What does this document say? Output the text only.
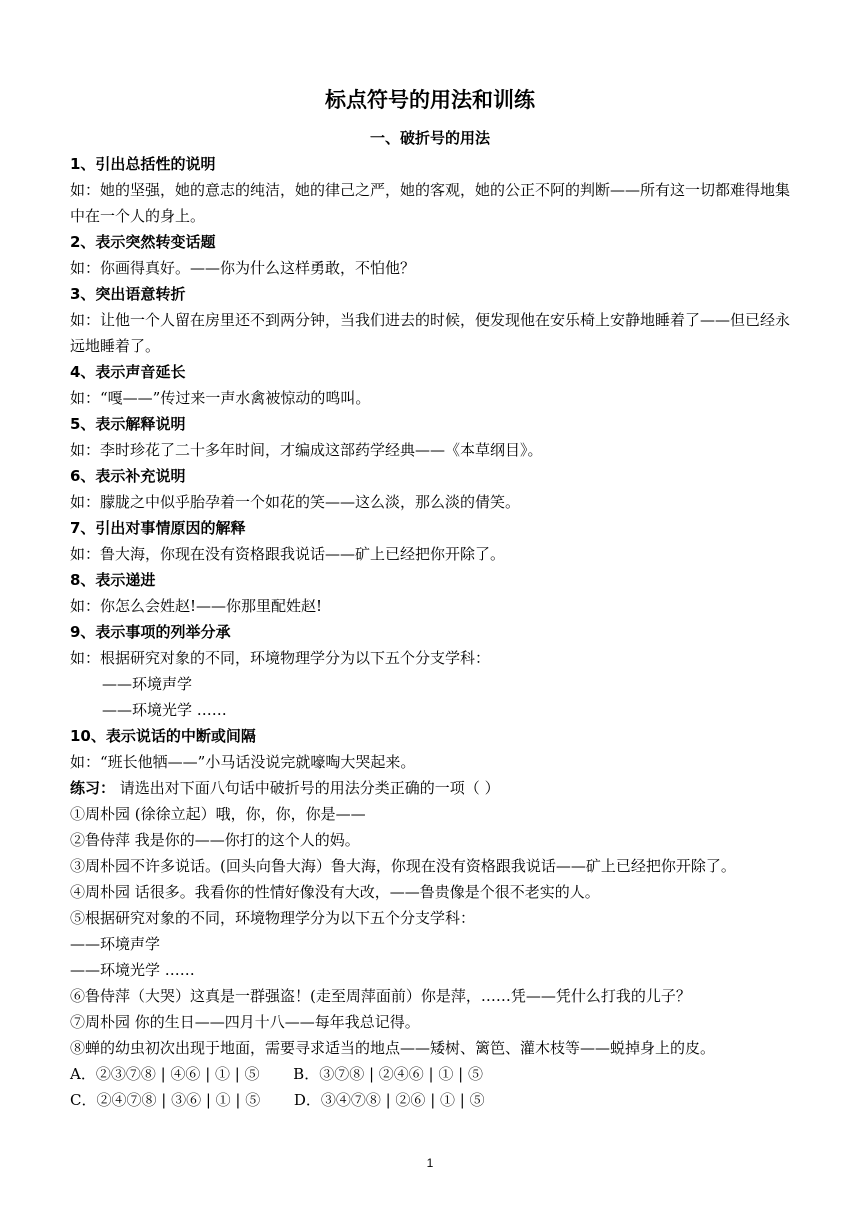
标点符号的用法和训练
一、破折号的用法
1、引出总括性的说明
如：她的坚强，她的意志的纯洁，她的律己之严，她的客观，她的公正不阿的判断——所有这一切都难得地集中在一个人的身上。
2、表示突然转变话题
如：你画得真好。——你为什么这样勇敢，不怕他？
3、突出语意转折
如：让他一个人留在房里还不到两分钟，当我们进去的时候，便发现他在安乐椅上安静地睡着了——但已经永远地睡着了。
4、表示声音延长
如：“嘎——”传过来一声水禽被惊动的鸣叫。
5、表示解释说明
如：李时珍花了二十多年时间，才编成这部药学经典——《本草纲目》。
6、表示补充说明
如：朦胧之中似乎胎孕着一个如花的笑——这么淡，那么淡的倩笑。
7、引出对事情原因的解释
如：鲁大海，你现在没有资格跟我说话——矿上已经把你开除了。
8、表示递进
如：你怎么会姓赵!——你那里配姓赵!
9、表示事项的列举分承
如：根据研究对象的不同，环境物理学分为以下五个分支学科：
——环境声学
——环境光学 ……
10、表示说话的中断或间隔
如：“班长他牺——”小马话没说完就嚎啕大哭起来。
练习： 请选出对下面八句话中破折号的用法分类正确的一项（ ）
①周朴园 (徐徐立起）哦，你，你，你是——
②鲁侍萍 我是你的——你打的这个人的妈。
③周朴园不许多说话。(回头向鲁大海）鲁大海，你现在没有资格跟我说话——矿上已经把你开除了。
④周朴园 话很多。我看你的性情好像没有大改，——鲁贵像是个很不老实的人。
⑤根据研究对象的不同，环境物理学分为以下五个分支学科：
——环境声学
——环境光学 ……
⑥鲁侍萍（大哭）这真是一群强盗！(走至周萍面前）你是萍，……凭——凭什么打我的儿子？
⑦周朴园 你的生日——四月十八——每年我总记得。
⑧蝉的幼虫初次出现于地面，需要寻求适当的地点——矮树、篱笆、灌木枝等——蜕掉身上的皮。
A．②③⑦⑧ | ④⑥ | ① | ⑤ B．③⑦⑧ | ②④⑥ | ① | ⑤
C．②④⑦⑧ | ③⑥ | ① | ⑤ D．③④⑦⑧ | ②⑥ | ① | ⑤
1
